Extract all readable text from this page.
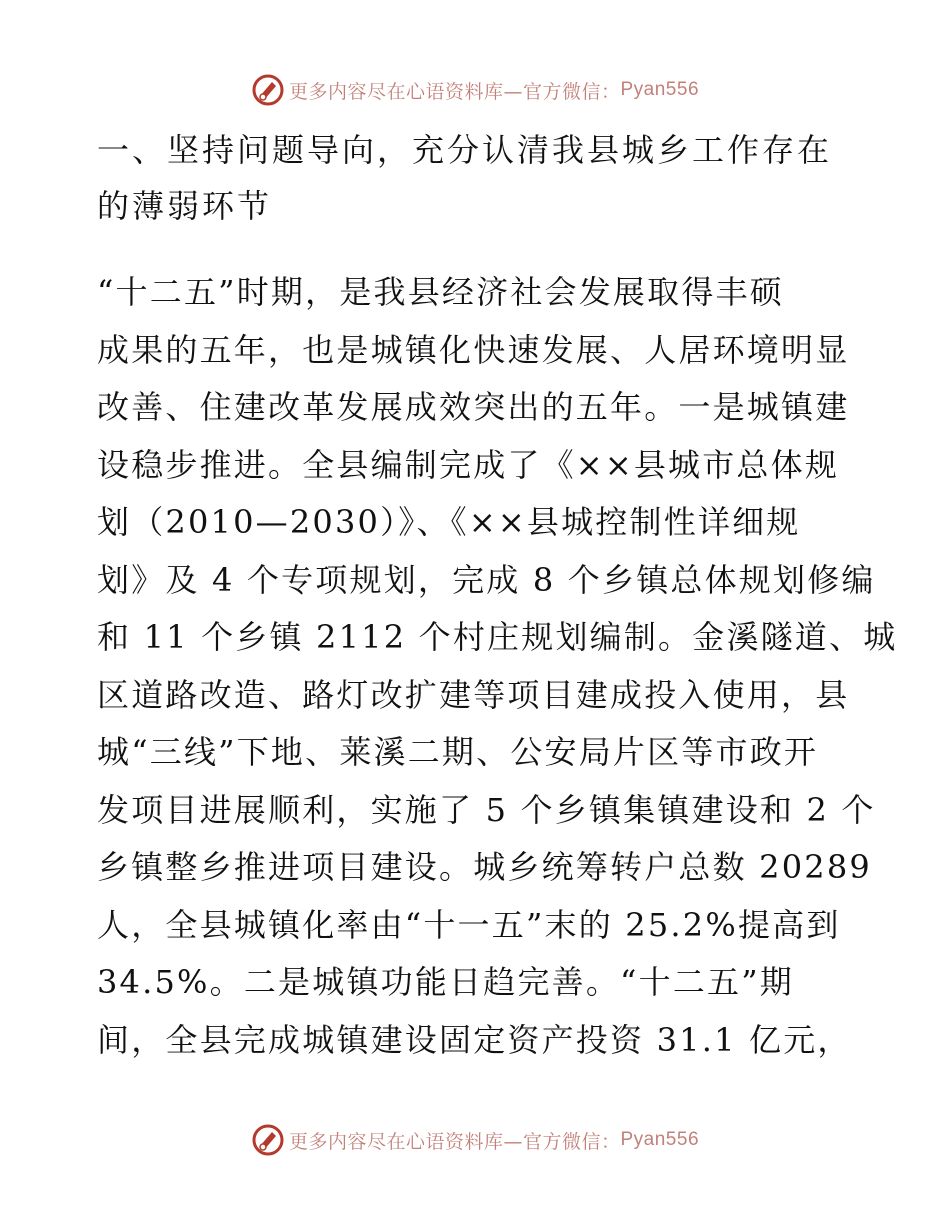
更多内容尽在心语资料库—官方微信： Pyan556
一、坚持问题导向，充分认清我县城乡工作存在
的薄弱环节
“十二五”时期，是我县经济社会发展取得丰硕
成果的五年，也是城镇化快速发展、人居环境明显
改善、住建改革发展成效突出的五年。一是城镇建
设稳步推进。全县编制完成了《××县城市总体规
划（2010—2030）》、《××县城控制性详细规
划》及 4 个专项规划，完成 8 个乡镇总体规划修编
和 11 个乡镇 2112 个村庄规划编制。金溪隧道、城
区道路改造、路灯改扩建等项目建成投入使用，县
城“三线”下地、莱溪二期、公安局片区等市政开
发项目进展顺利，实施了 5 个乡镇集镇建设和 2 个
乡镇整乡推进项目建设。城乡统筹转户总数 20289
人，全县城镇化率由“十一五”末的 25.2%提高到
34.5%。二是城镇功能日趋完善。“十二五”期
间，全县完成城镇建设固定资产投资 31.1 亿元，
更多内容尽在心语资料库—官方微信： Pyan556
